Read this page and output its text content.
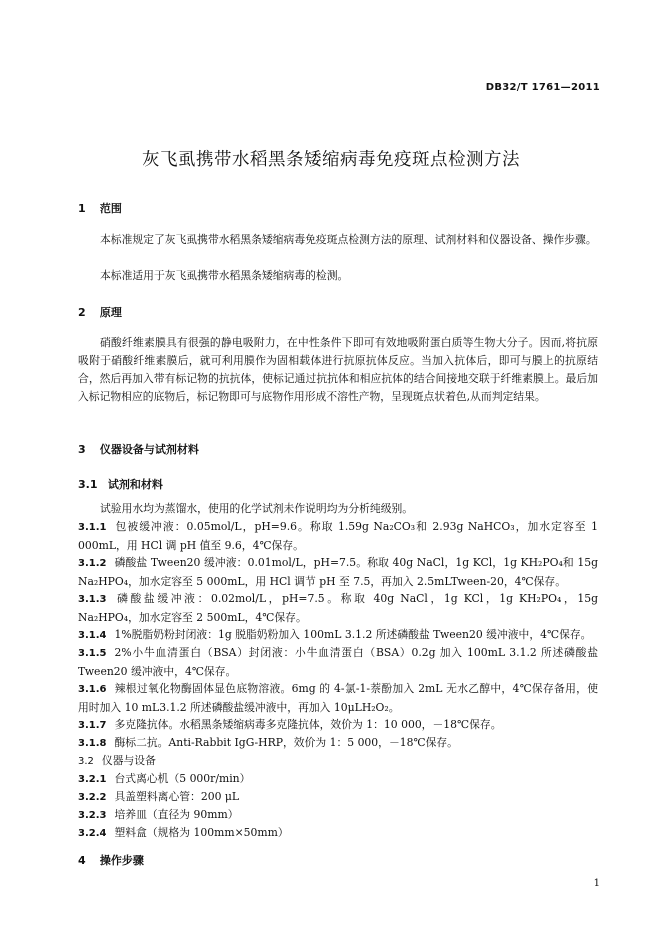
DB32/T 1761—2011
灰飞虱携带水稻黑条矮缩病毒免疫斑点检测方法
1 范围

本标准规定了灰飞虱携带水稻黑条矮缩病毒免疫斑点检测方法的原理、试剂材料和仪器设备、操作步骤。

本标准适用于灰飞虱携带水稻黑条矮缩病毒的检测。

2 原理

硝酸纤维素膜具有很强的静电吸附力，在中性条件下即可有效地吸附蛋白质等生物大分子。因而,将抗原吸附于硝酸纤维素膜后，就可利用膜作为固相载体进行抗原抗体反应。当加入抗体后，即可与膜上的抗原结合，然后再加入带有标记物的抗抗体，使标记通过抗抗体和相应抗体的结合间接地交联于纤维素膜上。最后加入标记物相应的底物后，标记物即可与底物作用形成不溶性产物，呈现斑点状着色,从而判定结果。

3 仪器设备与试剂材料
3.1 试剂和材料

试验用水均为蒸馏水，使用的化学试剂未作说明均为分析纯级别。

3.1.1 包被缓冲液：0.05mol/L，pH=9.6。称取 1.59g Na₂CO₃和 2.93g NaHCO₃，加水定容至 1 000mL，用 HCl 调 pH 值至 9.6，4℃保存。

3.1.2 磷酸盐 Tween20 缓冲液：0.01mol/L，pH=7.5。称取 40g NaCl，1g KCl，1g KH₂PO₄和 15g Na₂HPO₄，加水定容至 5 000mL，用 HCl 调节 pH 至 7.5，再加入 2.5mLTween-20，4℃保存。

3.1.3 磷酸盐缓冲液：0.02mol/L，pH=7.5。称取 40g NaCl，1g KCl，1g KH₂PO₄，15g Na₂HPO₄，加水定容至 2 500mL，4℃保存。

3.1.4 1%脱脂奶粉封闭液：1g 脱脂奶粉加入 100mL 3.1.2 所述磷酸盐 Tween20 缓冲液中，4℃保存。

3.1.5 2%小牛血清蛋白（BSA）封闭液：小牛血清蛋白（BSA）0.2g 加入 100mL 3.1.2 所述磷酸盐 Tween20 缓冲液中，4℃保存。

3.1.6 辣根过氧化物酶固体显色底物溶液。6mg 的 4-氯-1-萘酚加入 2mL 无水乙醇中，4℃保存备用，使用时加入 10 mL3.1.2 所述磷酸盐缓冲液中，再加入 10μLH₂O₂。

3.1.7 多克隆抗体。水稻黑条矮缩病毒多克隆抗体，效价为 1：10 000，－18℃保存。

3.1.8 酶标二抗。Anti-Rabbit IgG-HRP，效价为 1：5 000，－18℃保存。

3.2 仪器与设备

3.2.1 台式离心机（5 000r/min）

3.2.2 具盖塑料离心管：200 μL

3.2.3 培养皿（直径为 90mm）

3.2.4 塑料盒（规格为 100mm×50mm）

4 操作步骤
1
